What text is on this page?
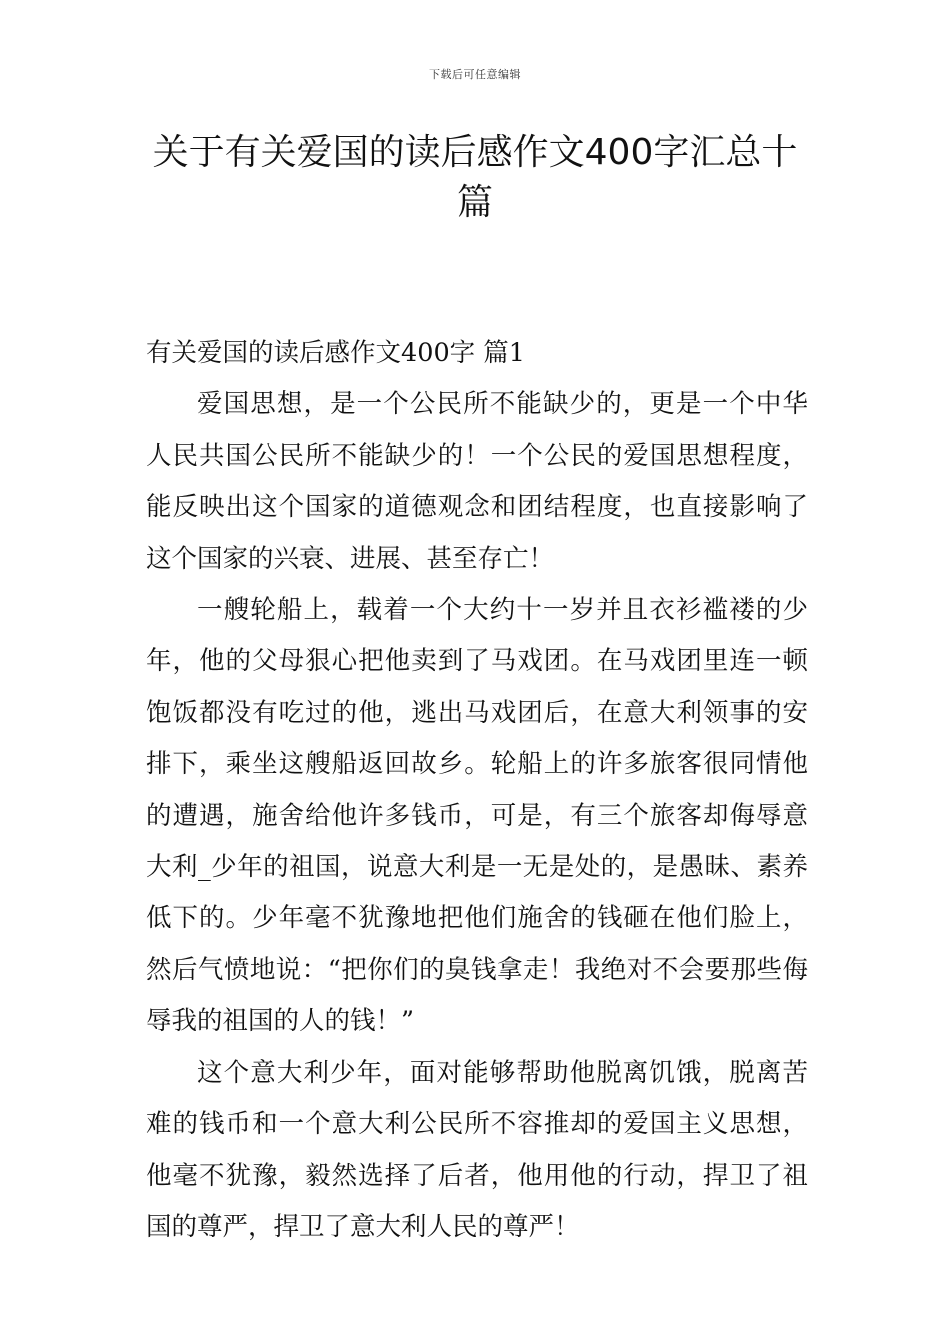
下载后可任意编辑
关于有关爱国的读后感作文400字汇总十篇

有关爱国的读后感作文400字 篇1

爱国思想，是一个公民所不能缺少的，更是一个中华人民共国公民所不能缺少的！一个公民的爱国思想程度，能反映出这个国家的道德观念和团结程度，也直接影响了这个国家的兴衰、进展、甚至存亡！

一艘轮船上，载着一个大约十一岁并且衣衫褴褛的少年，他的父母狠心把他卖到了马戏团。在马戏团里连一顿饱饭都没有吃过的他，逃出马戏团后，在意大利领事的安排下，乘坐这艘船返回故乡。轮船上的许多旅客很同情他的遭遇，施舍给他许多钱币，可是，有三个旅客却侮辱意大利_少年的祖国，说意大利是一无是处的，是愚昧、素养低下的。少年毫不犹豫地把他们施舍的钱砸在他们脸上，然后气愤地说：“把你们的臭钱拿走！我绝对不会要那些侮辱我的祖国的人的钱！”

这个意大利少年，面对能够帮助他脱离饥饿，脱离苦难的钱币和一个意大利公民所不容推却的爱国主义思想，他毫不犹豫，毅然选择了后者，他用他的行动，捍卫了祖国的尊严，捍卫了意大利人民的尊严！
